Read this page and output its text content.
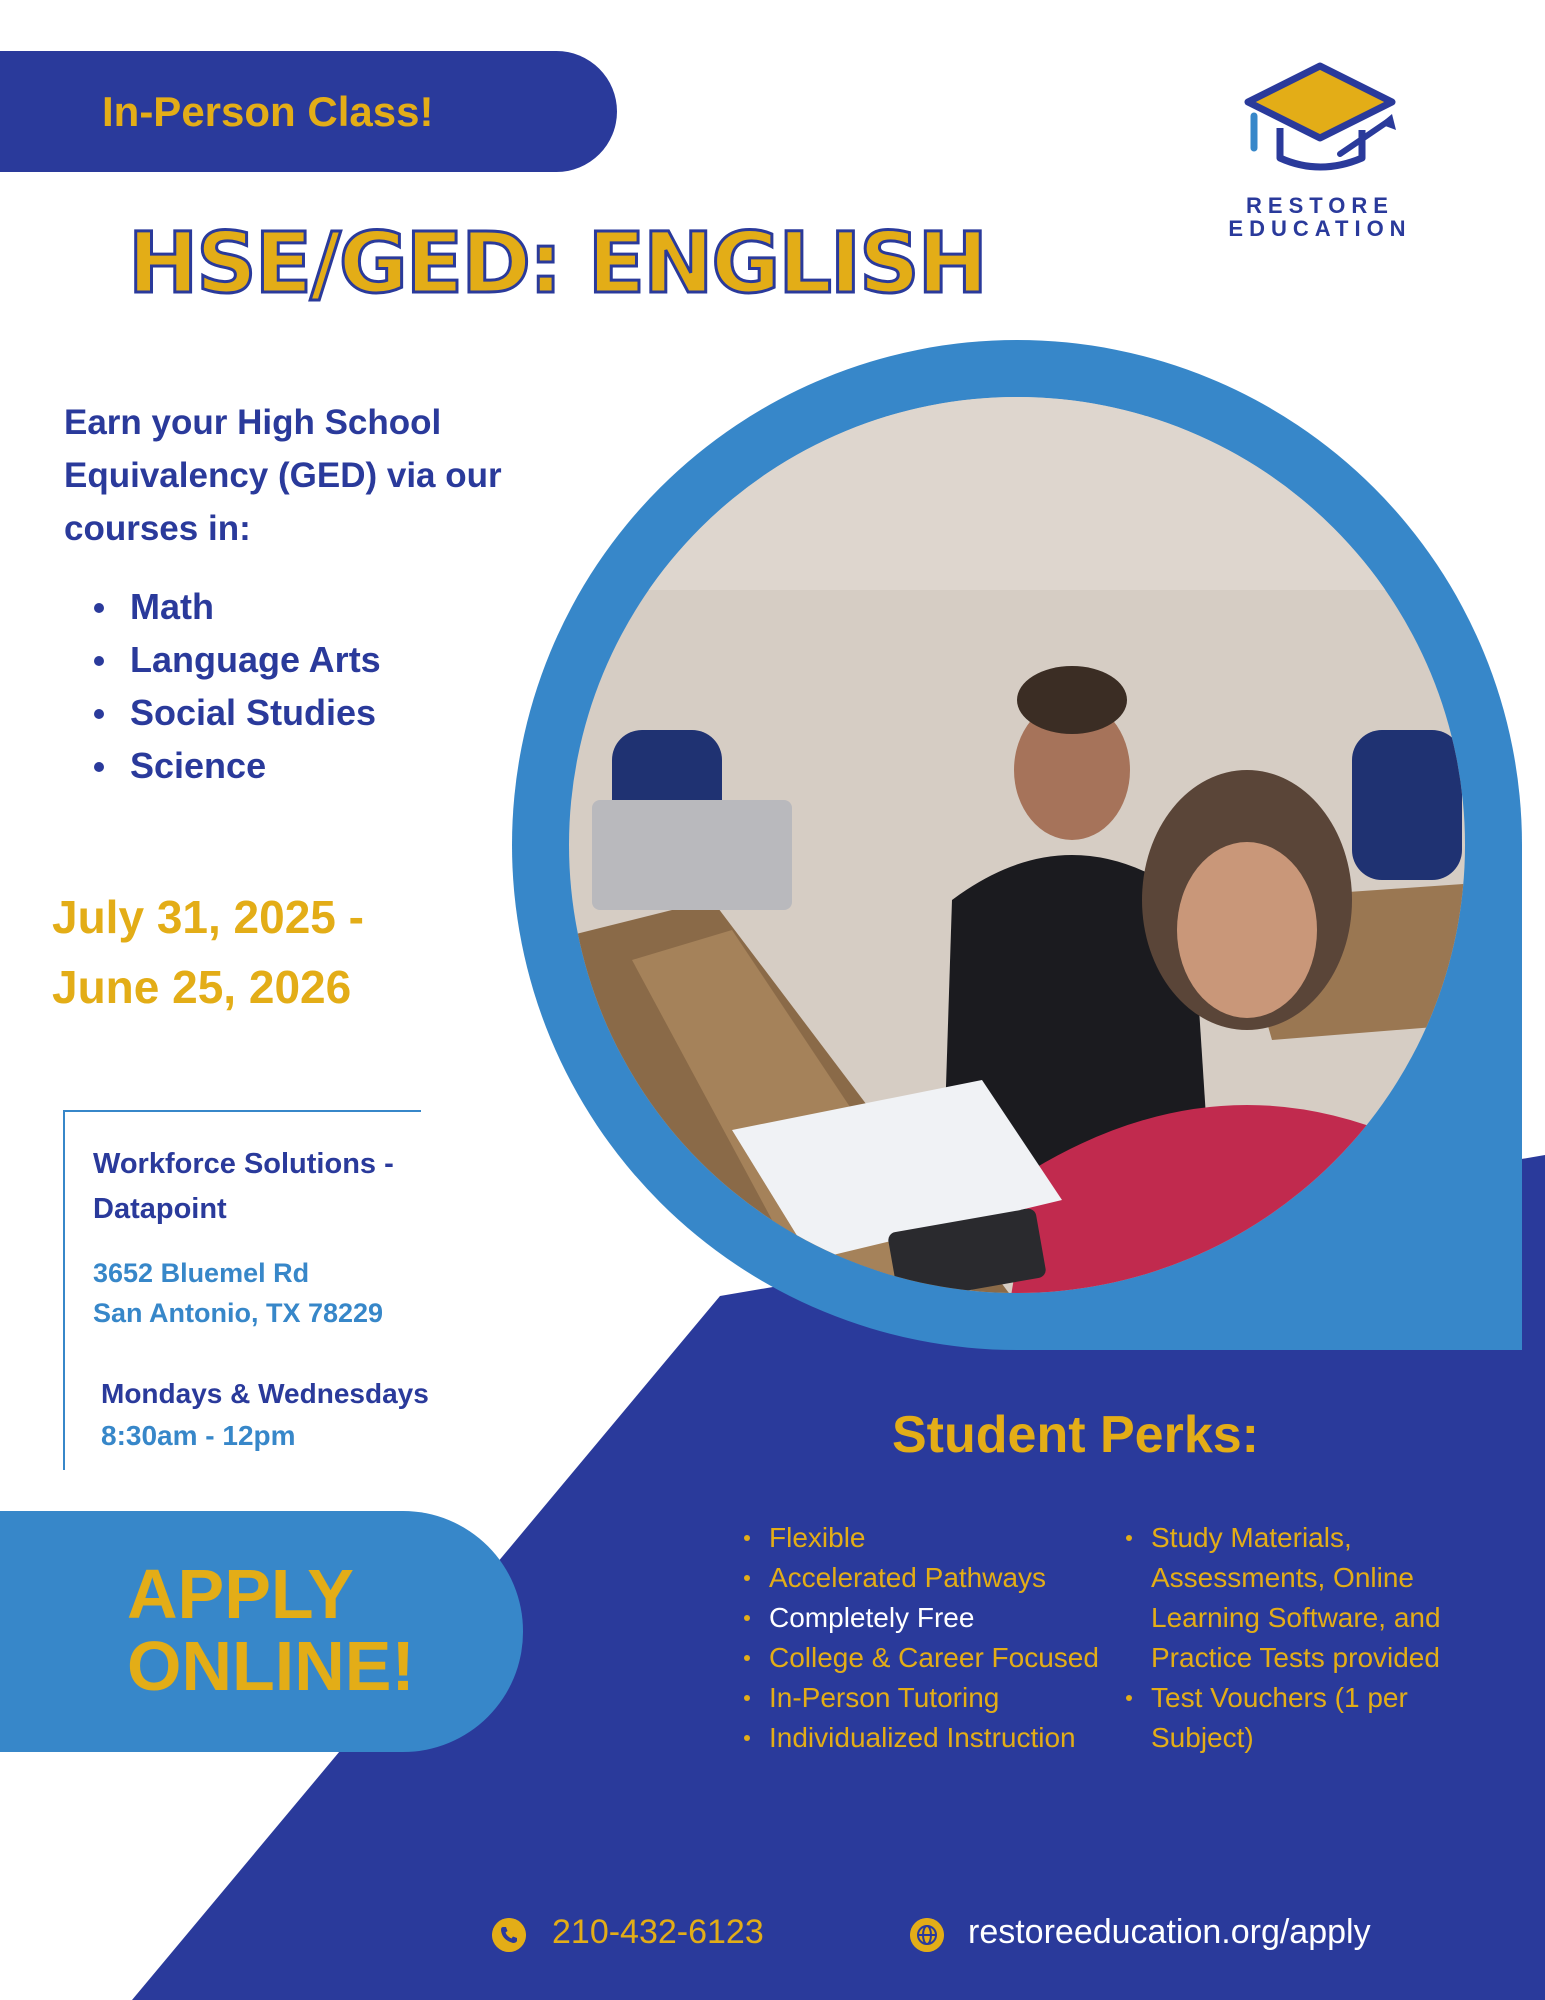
In-Person Class!
RESTORE
EDUCATION
HSE/GED: ENGLISH
Earn your High School Equivalency (GED) via our courses in:
Math
Language Arts
Social Studies
Science
July 31, 2025 -
June 25, 2026
Workforce Solutions - Datapoint
3652 Bluemel Rd
San Antonio, TX 78229
Mondays & Wednesdays
8:30am - 12pm
APPLY
ONLINE!
Student Perks:
Flexible
Accelerated Pathways
Completely Free
College & Career Focused
In-Person Tutoring
Individualized Instruction
Study Materials, Assessments, Online Learning Software, and Practice Tests provided
Test Vouchers (1 per Subject)
210-432-6123	restoreeducation.org/apply
